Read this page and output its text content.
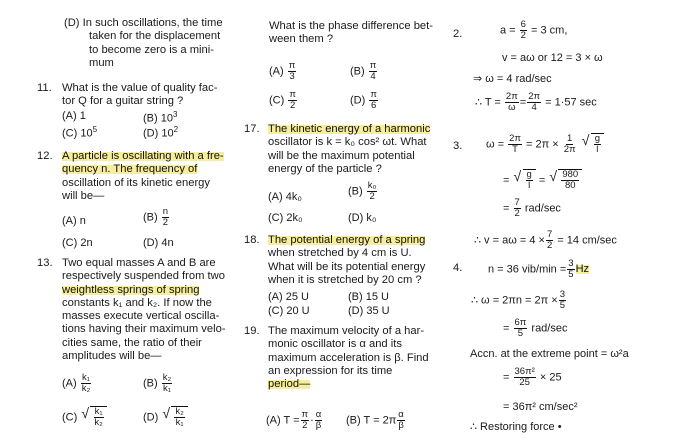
(D) In such oscillations, the time
taken for the displacement
to become zero is a mini-
mum
11. What is the value of quality fac-
tor Q for a guitar string ?
(A) 1	(B) $10^3$
(C) $10^5$	(D) $10^2$
12. A particle is oscillating with a fre-
quency n. The frequency of
oscillation of its kinetic energy
will be—
(A) n	$(B) \frac{n}{2}$
(C) 2n	(D) 4n
13. Two equal masses A and B are
respectively suspended from two
weightless springs of spring
constants k₁ and k₂. If now the
masses execute vertical oscilla-
tions having their maximum velo-
cities same, the ratio of their
amplitudes will be—
$(A) \frac{\text{k₁}}{\text{k₂}}$	$(B) \frac{\text{k₂}}{\text{k₁}}$
(C) √ $\frac{\text{k₁}}{\text{k₂}}$	(D) √ $\frac{\text{k₂}}{\text{k₁}}$
What is the phase difference bet-
ween them ?
$(A) \frac{\pi}{3}$	$(B) \frac{\pi}{4}$
$(C) \frac{\pi}{2}$	$(D) \frac{\pi}{6}$
17. The kinetic energy of a harmonic
oscillator is k = k₀ cos² ωt. What
will be the maximum potential
energy of the particle ?
(A) 4k₀	$(B) \frac{\text{k₀}}{2}$
(C) 2k₀	(D) k₀
18. The potential energy of a spring
when stretched by 4 cm is U.
What will be its potential energy
when it is stretched by 20 cm ?
(A) 25 U	(B) 15 U
(C) 20 U	(D) 35 U
19. The maximum velocity of a har-
monic oscillator is α and its
maximum acceleration is β. Find
an expression for its time
period—
(A) $T = \frac{\pi}{2} \cdot \frac{\alpha}{\beta} (B) T = 2\pi \frac{\alpha}{\beta}$
2.	$a = \frac{6}{2} = 3$ cm,
v = aω or 12 = 3 × ω
⇒ ω = 4 rad/sec
∴ $T = \frac{2\pi}{\omega} = \frac{2\pi}{4} = 1\cdot 57$ sec
3. $\omega = \frac{2\pi}{T} = 2\pi \times \frac{1}{2\pi}$
√ $\frac{g}{l}$
= √ $\frac{g}{l}$ = √ $\frac{980}{80}$
= $\frac{7}{2} rad/\sec$
∴ $v = a\omega = 4 \times \frac{7}{2} = 14$ cm/sec
4. n = 36 $vib/\min = \frac{3}{5}$ Hz
∴ $\omega = 2\pi n = 2\pi \times \frac{3}{5}$
= $\frac{6\pi}{5} rad/\sec$
Accn. at the extreme point = ω²a
= $\frac{\text{36π²}}{25} \times 25$
= 36π² cm/sec²
∴ Restoring force •
